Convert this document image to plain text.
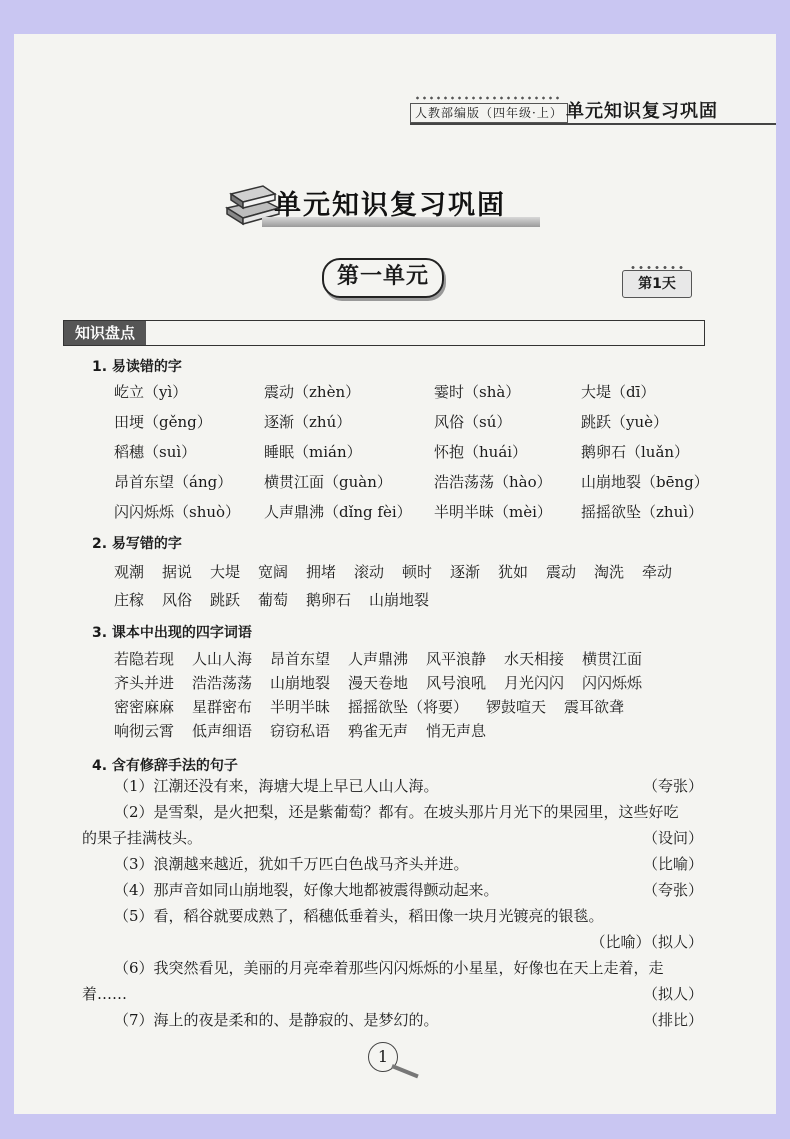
人教部编版（四年级·上） 单元知识复习巩固
单元知识复习巩固
第一单元	第1天
知识盘点
1. 易读错的字
屹立（yì）	震动（zhèn）	霎时（shà）	大堤（dī）
田埂（gěng）	逐渐（zhú）	风俗（sú）	跳跃（yuè）
稻穗（suì）	睡眠（mián）	怀抱（huái）	鹅卵石（luǎn）
昂首东望（áng） 横贯江面（guàn）	浩浩荡荡（hào） 山崩地裂（bēng）
闪闪烁烁（shuò） 人声鼎沸（dǐng fèi） 半明半昧（mèi） 摇摇欲坠（zhuì）
2. 易写错的字
观潮 据说 大堤 宽阔 拥堵 滚动 顿时 逐渐 犹如 震动 淘洗 牵动
庄稼 风俗 跳跃 葡萄 鹅卵石 山崩地裂
3. 课本中出现的四字词语
若隐若现 人山人海 昂首东望 人声鼎沸 风平浪静 水天相接 横贯江面
齐头并进 浩浩荡荡 山崩地裂 漫天卷地 风号浪吼 月光闪闪 闪闪烁烁
密密麻麻 星群密布 半明半昧 摇摇欲坠（将要） 锣鼓喧天 震耳欲聋
响彻云霄 低声细语 窃窃私语 鸦雀无声 悄无声息
4. 含有修辞手法的句子
（1）江潮还没有来，海塘大堤上早已人山人海。	（夸张）
（2）是雪梨，是火把梨，还是紫葡萄？都有。在坡头那片月光下的果园里，这些好吃
的果子挂满枝头。	（设问）
（3）浪潮越来越近，犹如千万匹白色战马齐头并进。	（比喻）
（4）那声音如同山崩地裂，好像大地都被震得颤动起来。	（夸张）
（5）看，稻谷就要成熟了，稻穗低垂着头，稻田像一块月光镀亮的银毯。
（比喻）（拟人）
（6）我突然看见，美丽的月亮牵着那些闪闪烁烁的小星星，好像也在天上走着，走
着……	（拟人）
（7）海上的夜是柔和的、是静寂的、是梦幻的。	（排比）
1
